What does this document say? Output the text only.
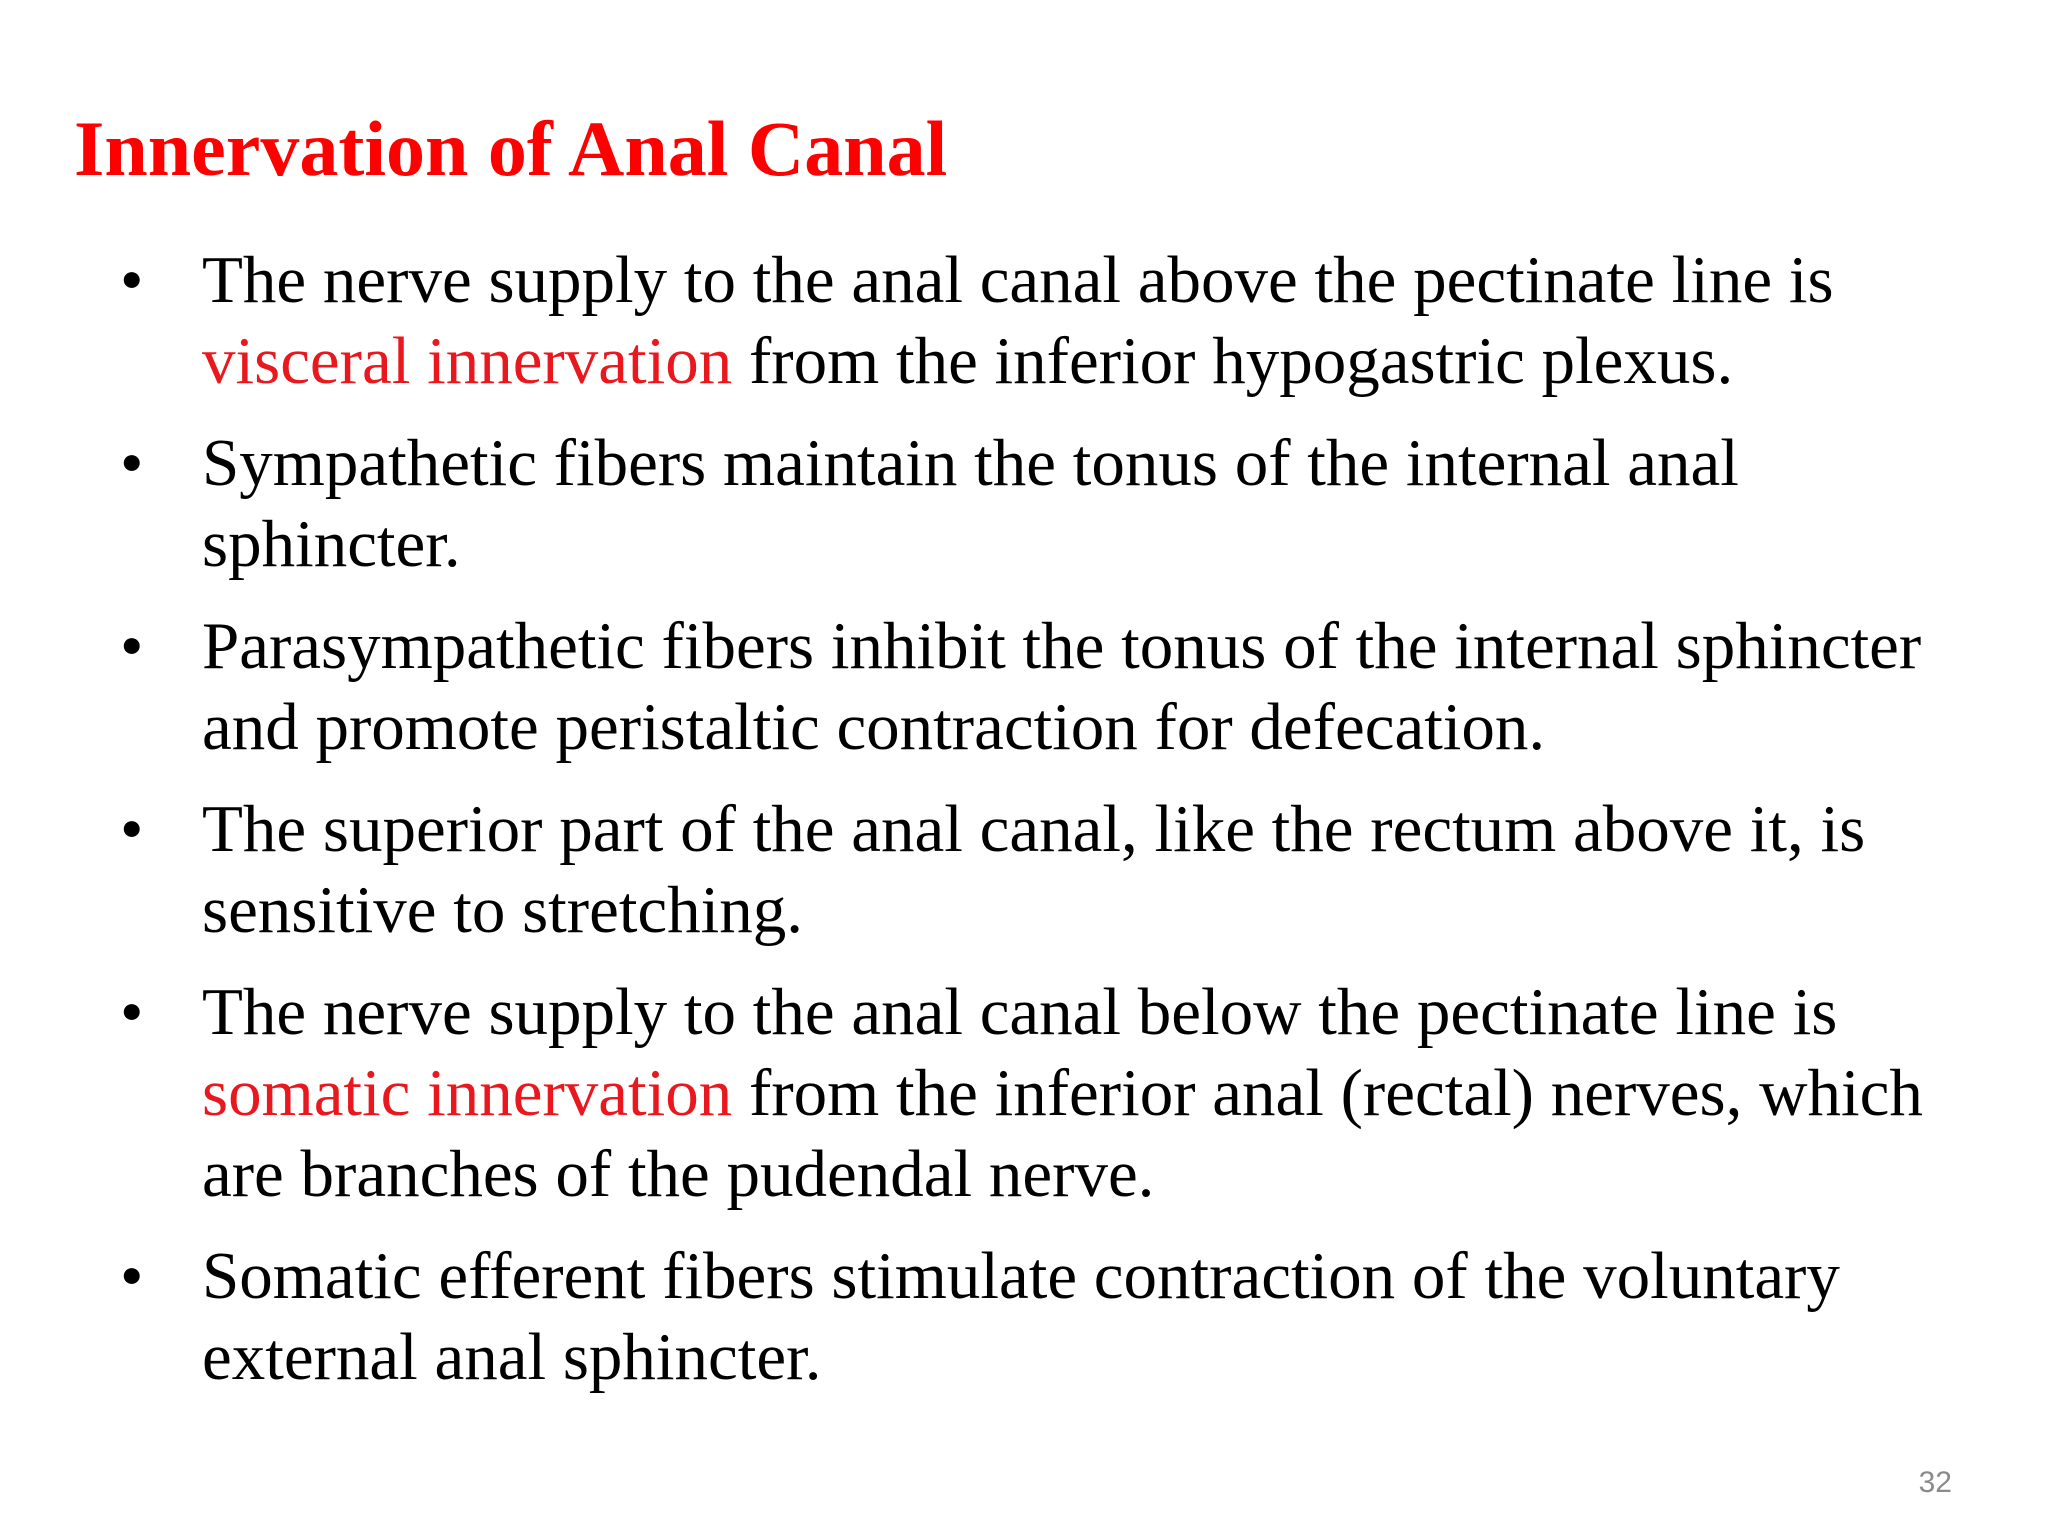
Innervation of Anal Canal
• The nerve supply to the anal canal above the pectinate line is visceral innervation from the inferior hypogastric plexus.
• Sympathetic fibers maintain the tonus of the internal anal sphincter.
• Parasympathetic fibers inhibit the tonus of the internal sphincter and promote peristaltic contraction for defecation.
• The superior part of the anal canal, like the rectum above it, is sensitive to stretching.
• The nerve supply to the anal canal below the pectinate line is somatic innervation from the inferior anal (rectal) nerves, which are branches of the pudendal nerve.
• Somatic efferent fibers stimulate contraction of the voluntary external anal sphincter.
32
